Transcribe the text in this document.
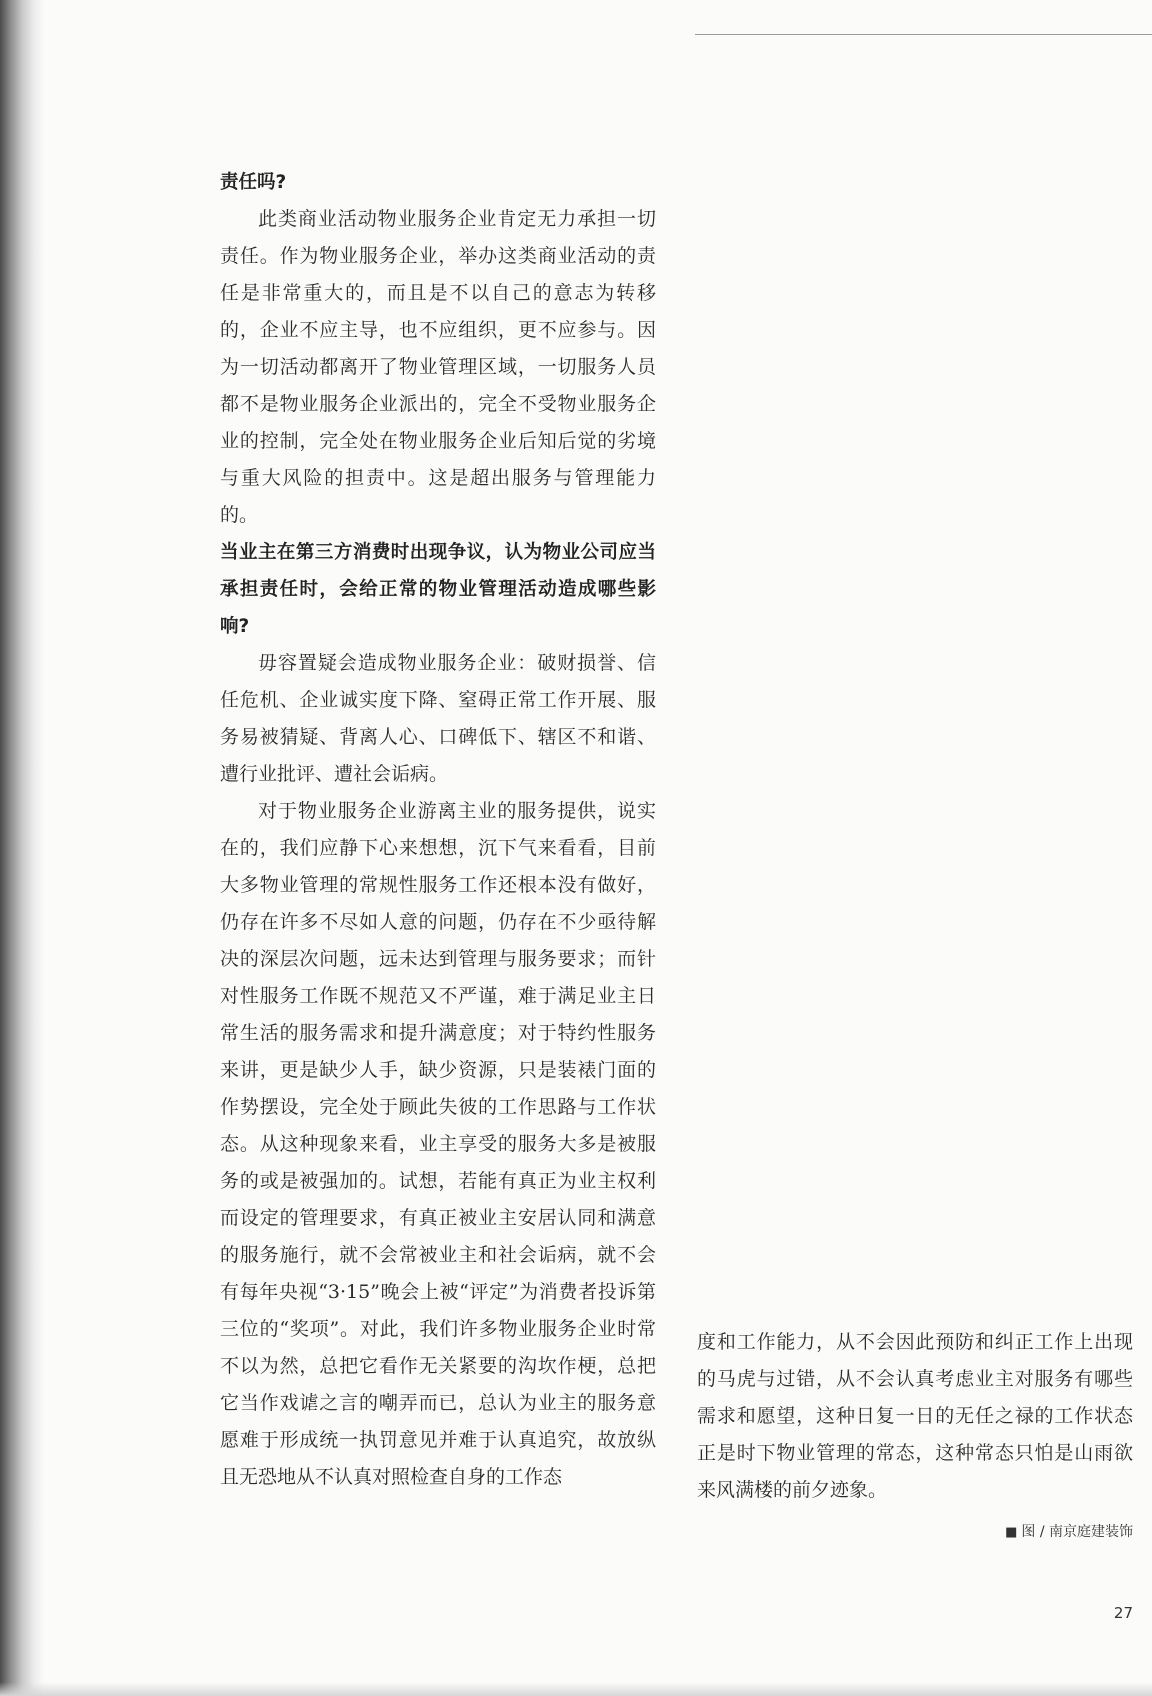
责任吗?

此类商业活动物业服务企业肯定无力承担一切责任。作为物业服务企业，举办这类商业活动的责任是非常重大的，而且是不以自己的意志为转移的，企业不应主导，也不应组织，更不应参与。因为一切活动都离开了物业管理区域，一切服务人员都不是物业服务企业派出的，完全不受物业服务企业的控制，完全处在物业服务企业后知后觉的劣境与重大风险的担责中。这是超出服务与管理能力的。

当业主在第三方消费时出现争议，认为物业公司应当承担责任时，会给正常的物业管理活动造成哪些影响?

毋容置疑会造成物业服务企业：破财损誉、信任危机、企业诚实度下降、窒碍正常工作开展、服务易被猜疑、背离人心、口碑低下、辖区不和谐、遭行业批评、遭社会诟病。

对于物业服务企业游离主业的服务提供，说实在的，我们应静下心来想想，沉下气来看看，目前大多物业管理的常规性服务工作还根本没有做好，仍存在许多不尽如人意的问题，仍存在不少亟待解决的深层次问题，远未达到管理与服务要求；而针对性服务工作既不规范又不严谨，难于满足业主日常生活的服务需求和提升满意度；对于特约性服务来讲，更是缺少人手，缺少资源，只是装裱门面的作势摆设，完全处于顾此失彼的工作思路与工作状态。从这种现象来看，业主享受的服务大多是被服务的或是被强加的。试想，若能有真正为业主权利而设定的管理要求，有真正被业主安居认同和满意的服务施行，就不会常被业主和社会诟病，就不会有每年央视“3·15”晚会上被“评定”为消费者投诉第三位的“奖项”。对此，我们许多物业服务企业时常不以为然，总把它看作无关紧要的沟坎作梗，总把它当作戏谑之言的嘲弄而已，总认为业主的服务意愿难于形成统一执罚意见并难于认真追究，故放纵且无恐地从不认真对照检查自身的工作态

度和工作能力，从不会因此预防和纠正工作上出现的马虎与过错，从不会认真考虑业主对服务有哪些需求和愿望，这种日复一日的无任之禄的工作状态正是时下物业管理的常态，这种常态只怕是山雨欲来风满楼的前夕迹象。

■ 图 / 南京庭建装饰
27
